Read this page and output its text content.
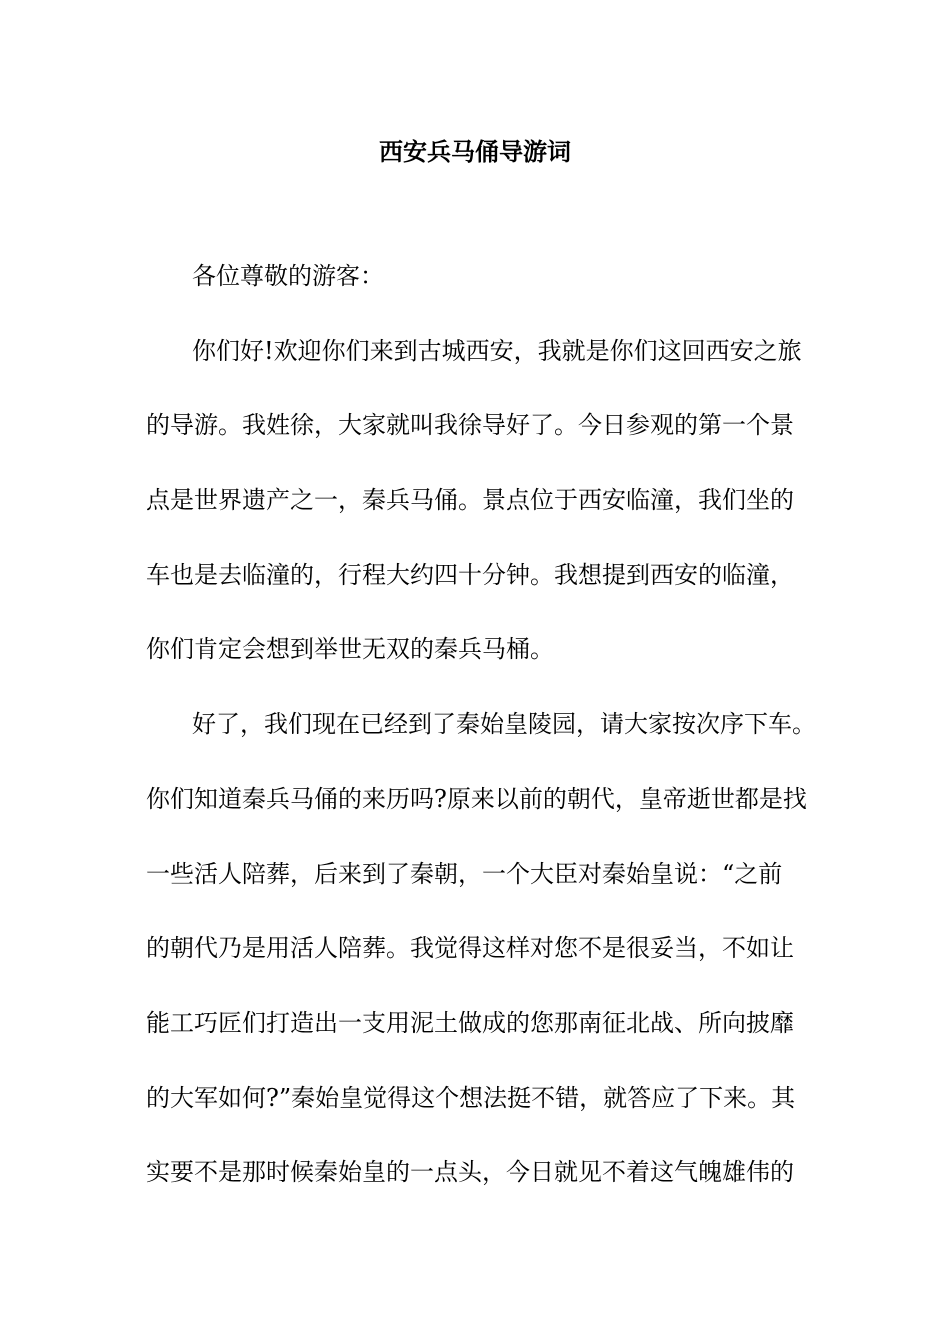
西安兵马俑导游词
各位尊敬的游客：
你们好!欢迎你们来到古城西安，我就是你们这回西安之旅
的导游。我姓徐，大家就叫我徐导好了。今日参观的第一个景
点是世界遗产之一，秦兵马俑。景点位于西安临潼，我们坐的
车也是去临潼的，行程大约四十分钟。我想提到西安的临潼，
你们肯定会想到举世无双的秦兵马桶。
好了，我们现在已经到了秦始皇陵园，请大家按次序下车。
你们知道秦兵马俑的来历吗?原来以前的朝代，皇帝逝世都是找
一些活人陪葬，后来到了秦朝，一个大臣对秦始皇说：“之前
的朝代乃是用活人陪葬。我觉得这样对您不是很妥当，不如让
能工巧匠们打造出一支用泥土做成的您那南征北战、所向披靡
的大军如何?”秦始皇觉得这个想法挺不错，就答应了下来。其
实要不是那时候秦始皇的一点头，今日就见不着这气魄雄伟的
